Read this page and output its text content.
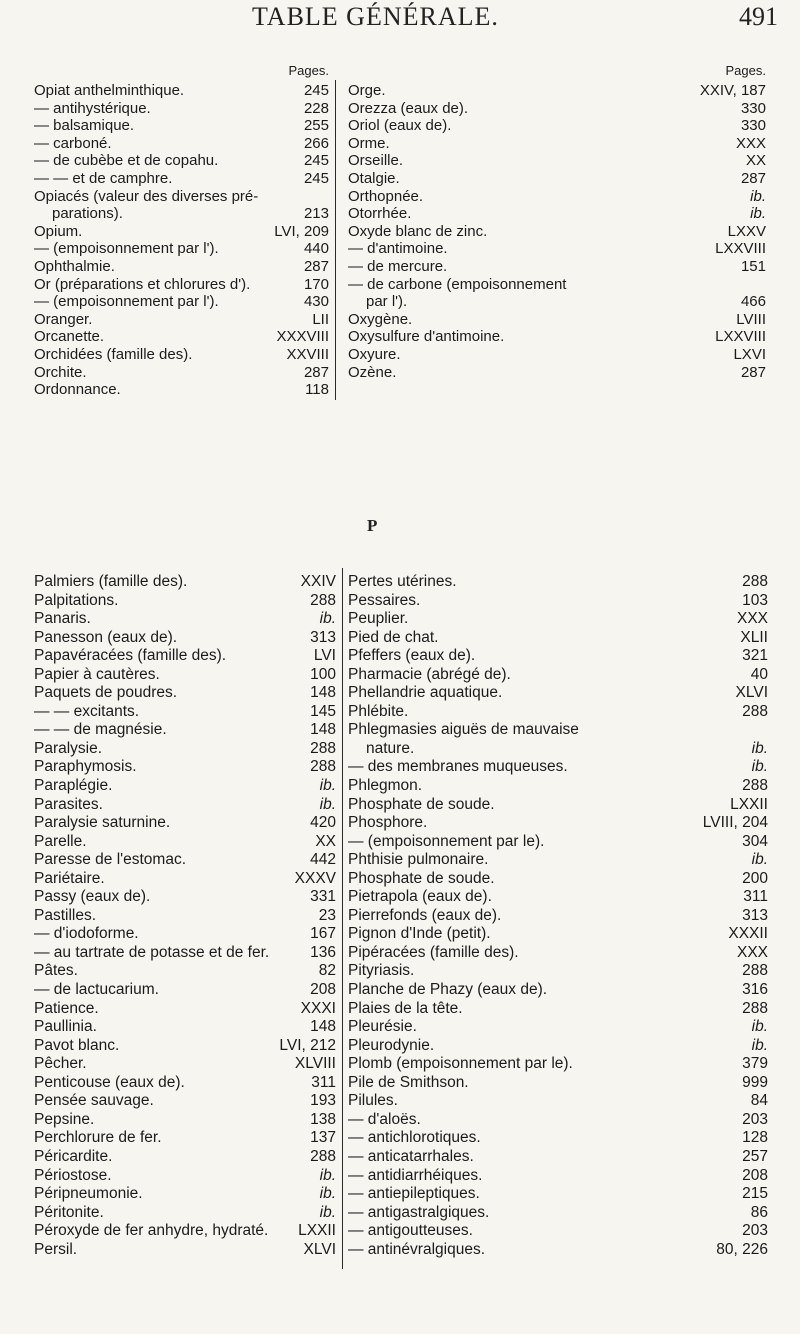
TABLE GÉNÉRALE.	491
Pages.
Opiat anthelminthique.	245
— antihystérique.	228
— balsamique.	255
— carboné.	266
— de cubèbe et de copahu.	245
— — et de camphre.	245
Opiacés (valeur des diverses pré-
parations).	213
Opium.	LVI, 209
— (empoisonnement par l').	440
Ophthalmie.	287
Or (préparations et chlorures d').	170
— (empoisonnement par l').	430
Oranger.	LII
Orcanette.	XXXVIII
Orchidées (famille des).	XXVIII
Orchite.	287
Ordonnance.	118
Pages.
Orge.	XXIV, 187
Orezza (eaux de).	330
Oriol (eaux de).	330
Orme.	XXX
Orseille.	XX
Otalgie.	287
Orthopnée.	ib.
Otorrhée.	ib.
Oxyde blanc de zinc.	LXXV
— d'antimoine.	LXXVIII
— de mercure.	151
— de carbone (empoisonnement
par l').	466
Oxygène.	LVIII
Oxysulfure d'antimoine.	LXXVIII
Oxyure.	LXVI
Ozène.	287
P
Palmiers (famille des).	XXIV
Palpitations.	288
Panaris.	ib.
Panesson (eaux de).	313
Papavéracées (famille des).	LVI
Papier à cautères.	100
Paquets de poudres.	148
— — excitants.	145
— — de magnésie.	148
Paralysie.	288
Paraphymosis.	288
Paraplégie.	ib.
Parasites.	ib.
Paralysie saturnine.	420
Parelle.	XX
Paresse de l'estomac.	442
Pariétaire.	XXXV
Passy (eaux de).	331
Pastilles.	23
— d'iodoforme.	167
— au tartrate de potasse et de fer.	136
Pâtes.	82
— de lactucarium.	208
Patience.	XXXI
Paullinia.	148
Pavot blanc.	LVI, 212
Pêcher.	XLVIII
Penticouse (eaux de).	311
Pensée sauvage.	193
Pepsine.	138
Perchlorure de fer.	137
Péricardite.	288
Périostose.	ib.
Péripneumonie.	ib.
Péritonite.	ib.
Péroxyde de fer anhydre, hydraté. LXXII
Persil.	XLVI
Pertes utérines.	288
Pessaires.	103
Peuplier.	XXX
Pied de chat.	XLII
Pfeffers (eaux de).	321
Pharmacie (abrégé de).	40
Phellandrie aquatique.	XLVI
Phlébite.	288
Phlegmasies aiguës de mauvaise
nature.	ib.
— des membranes muqueuses.	ib.
Phlegmon.	288
Phosphate de soude.	LXXII
Phosphore.	LVIII, 204
— (empoisonnement par le).	304
Phthisie pulmonaire.	ib.
Phosphate de soude.	200
Pietrapola (eaux de).	311
Pierrefonds (eaux de).	313
Pignon d'Inde (petit).	XXXII
Pipéracées (famille des).	XXX
Pityriasis.	288
Planche de Phazy (eaux de).	316
Plaies de la tête.	288
Pleurésie.	ib.
Pleurodynie.	ib.
Plomb (empoisonnement par le).	379
Pile de Smithson.	999
Pilules.	84
— d'aloës.	203
— antichlorotiques.	128
— anticatarrhales.	257
— antidiarrhéiques.	208
— antiepileptiques.	215
— antigastralgiques.	86
— antigoutteuses.	203
— antinévralgiques.	80, 226
